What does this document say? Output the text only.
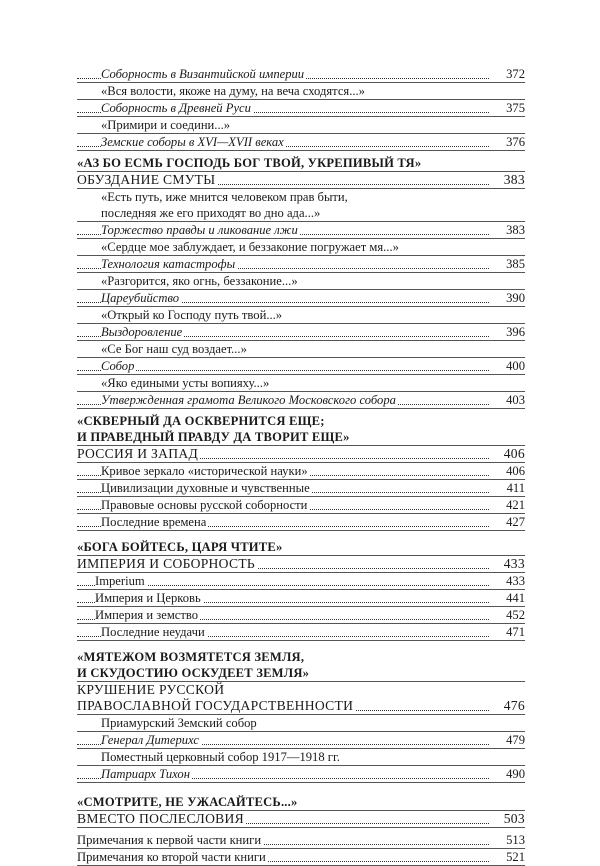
Соборность в Византийской империи	372
«Вся волости, якоже на думу, на веча сходятся...»
Соборность в Древней Руси	375
«Примири и соедини...»
Земские соборы в XVI—XVII веках	376
«АЗ БО ЕСМЬ ГОСПОДЬ БОГ ТВОЙ, УКРЕПИВЫЙ ТЯ»
ОБУЗДАНИЕ СМУТЫ	383
«Есть путь, иже мнится человеком прав быти,
последняя же его приходят во дно ада...»
Торжество правды и ликование лжи	383
«Сердце мое заблуждает, и беззаконие погружает мя...»
Технология катастрофы	385
«Разгорится, яко огнь, беззаконие...»
Цареубийство	390
«Открый ко Господу путь твой...»
Выздоровление	396
«Се Бог наш суд воздает...»
Собор	400
«Яко едиными усты вопияху...»
Утвержденная грамота Великого Московского собора	403
«СКВЕРНЫЙ ДА ОСКВЕРНИТСЯ ЕЩЕ;
И ПРАВЕДНЫЙ ПРАВДУ ДА ТВОРИТ ЕЩЕ»
РОССИЯ И ЗАПАД	406
Кривое зеркало «исторической науки»	406
Цивилизации духовные и чувственные	411
Правовые основы русской соборности	421
Последние времена	427
«БОГА БОЙТЕСЬ, ЦАРЯ ЧТИТЕ»
ИМПЕРИЯ И СОБОРНОСТЬ	433
Imperium	433
Империя и Церковь	441
Империя и земство	452
Последние неудачи	471
«МЯТЕЖОМ ВОЗМЯТЕТСЯ ЗЕМЛЯ,
И СКУДОСТИЮ ОСКУДЕЕТ ЗЕМЛЯ»
КРУШЕНИЕ РУССКОЙ
ПРАВОСЛАВНОЙ ГОСУДАРСТВЕННОСТИ	476
Приамурский Земский собор
Генерал Дитерихс	479
Поместный церковный собор 1917—1918 гг.
Патриарх Тихон	490
«СМОТРИТЕ, НЕ УЖАСАЙТЕСЬ...»
ВМЕСТО ПОСЛЕСЛОВИЯ	503
Примечания к первой части книги	513
Примечания ко второй части книги	521
